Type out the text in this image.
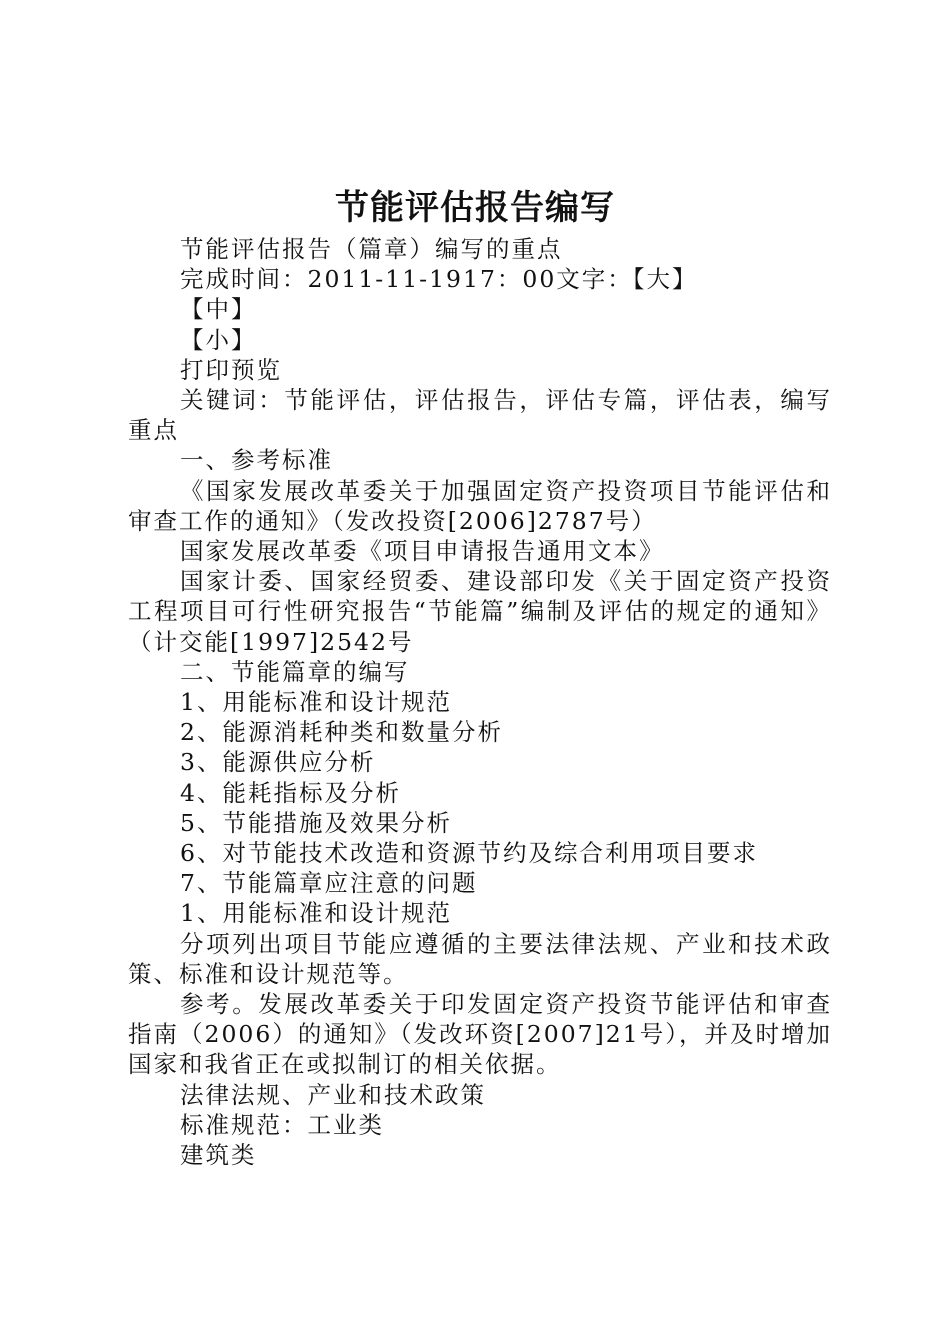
节能评估报告编写

节能评估报告（篇章）编写的重点

完成时间：2011-11-1917：00文字：【大】

【中】

【小】

打印预览

关键词：节能评估，评估报告，评估专篇，评估表，编写重点

一、参考标准

《国家发展改革委关于加强固定资产投资项目节能评估和审查工作的通知》（发改投资[2006]2787号）

国家发展改革委《项目申请报告通用文本》

国家计委、国家经贸委、建设部印发《关于固定资产投资工程项目可行性研究报告“节能篇”编制及评估的规定的通知》（计交能[1997]2542号

二、节能篇章的编写

1、用能标准和设计规范

2、能源消耗种类和数量分析

3、能源供应分析

4、能耗指标及分析

5、节能措施及效果分析

6、对节能技术改造和资源节约及综合利用项目要求

7、节能篇章应注意的问题

1、用能标准和设计规范

分项列出项目节能应遵循的主要法律法规、产业和技术政策、标准和设计规范等。

参考。发展改革委关于印发固定资产投资节能评估和审查指南（2006）的通知》（发改环资[2007]21号），并及时增加国家和我省正在或拟制订的相关依据。

法律法规、产业和技术政策

标准规范：工业类

建筑类
